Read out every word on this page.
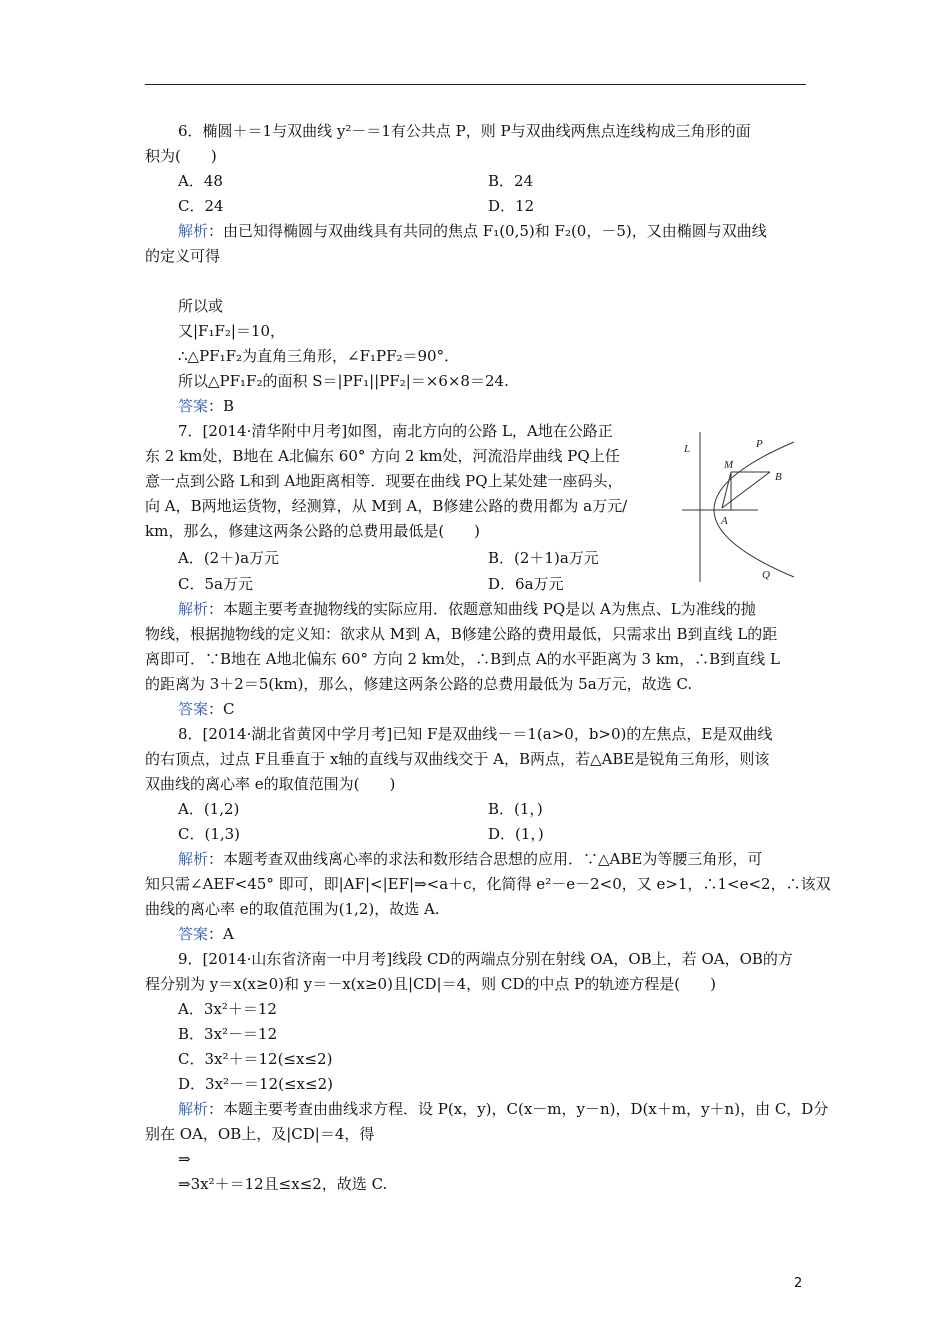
6．椭圆＋＝1与双曲线 y²－＝1有公共点 P，则 P与双曲线两焦点连线构成三角形的面
积为(　　)
A．48	B．24
C．24	D．12
解析：由已知得椭圆与双曲线具有共同的焦点 F₁(0,5)和 F₂(0，－5)，又由椭圆与双曲线
的定义可得
所以或
又|F₁F₂|＝10，
∴△PF₁F₂为直角三角形，∠F₁PF₂＝90°．
所以△PF₁F₂的面积 S＝|PF₁||PF₂|＝×6×8＝24.
答案：B
7．[2014·清华附中月考]如图，南北方向的公路 L，A地在公路正
东 2 km处，B地在 A北偏东 60° 方向 2 km处，河流沿岸曲线 PQ上任
意一点到公路 L和到 A地距离相等．现要在曲线 PQ上某处建一座码头，
向 A，B两地运货物，经测算，从 M到 A，B修建公路的费用都为 a万元/
km，那么，修建这两条公路的总费用最低是(　　)
A．(2＋)a万元	B．(2＋1)a万元
C．5a万元	D．6a万元
解析：本题主要考查抛物线的实际应用．依题意知曲线 PQ是以 A为焦点、L为准线的抛
物线，根据抛物线的定义知：欲求从 M到 A，B修建公路的费用最低，只需求出 B到直线 L的距
离即可．∵B地在 A地北偏东 60° 方向 2 km处，∴B到点 A的水平距离为 3 km，∴B到直线 L
的距离为 3＋2＝5(km)，那么，修建这两条公路的总费用最低为 5a万元，故选 C.
答案：C
8．[2014·湖北省黄冈中学月考]已知 F是双曲线－＝1(a>0，b>0)的左焦点，E是双曲线
的右顶点，过点 F且垂直于 x轴的直线与双曲线交于 A，B两点，若△ABE是锐角三角形，则该
双曲线的离心率 e的取值范围为(　　)
A．(1,2)	B．(1，)
C．(1,3)	D．(1，)
解析：本题考查双曲线离心率的求法和数形结合思想的应用．∵△ABE为等腰三角形，可
知只需∠AEF<45° 即可，即|AF|<|EF|⇒<a＋c，化简得 e²－e－2<0，又 e>1，∴1<e<2，∴该双
曲线的离心率 e的取值范围为(1,2)，故选 A.
答案：A
9．[2014·山东省济南一中月考]线段 CD的两端点分别在射线 OA，OB上，若 OA，OB的方
程分别为 y＝x(x≥0)和 y＝－x(x≥0)且|CD|＝4，则 CD的中点 P的轨迹方程是(　　)
A．3x²＋＝12
B．3x²－＝12
C．3x²＋＝12(≤x≤2)
D．3x²－＝12(≤x≤2)
解析：本题主要考查由曲线求方程．设 P(x，y)，C(x－m，y－n)，D(x＋m，y＋n)，由 C，D分
别在 OA，OB上，及|CD|＝4，得
⇒
⇒3x²＋＝12且≤x≤2，故选 C.
L	P
M
B
A
Q
2
